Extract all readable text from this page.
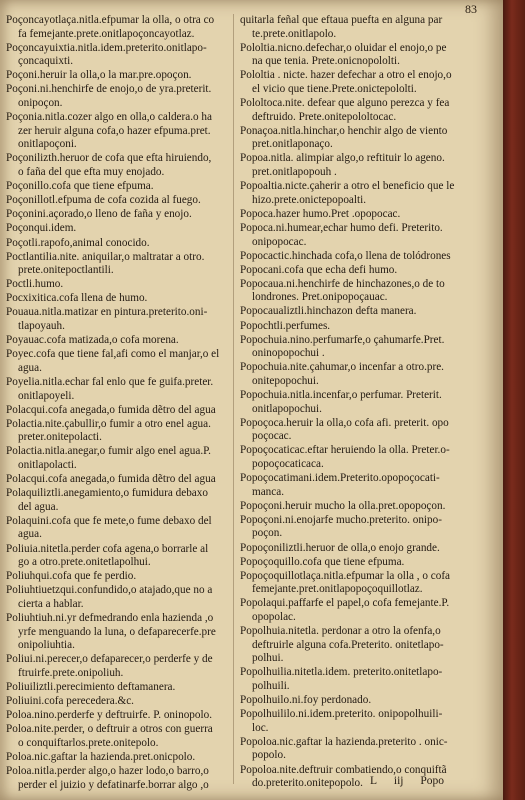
83
Poçoncayotlaça.nitla.efpumar la olla, o otra co
fa femejante.prete.onitlapoçoncayotlaz.
Poçoncayuixtia.nitla.idem.preterito.onitlapo-
çoncaquixti.
Poçoni.heruir la olla,o la mar.pre.opoçon.
Poçoni.ni.henchirfe de enojo,o de yra.preterit.
onipoçon.
Poçonia.nitla.cozer algo en olla,o caldera.o ha
zer heruir alguna cofa,o hazer efpuma.pret.
onitlapoçoni.
Poçonilizth.heruor de cofa que efta hiruiendo,
o faña del que efta muy enojado.
Poçonillo.cofa que tiene efpuma.
Poçonillotl.efpuma de cofa cozida al fuego.
Poçonini.açorado,o lleno de faña y enojo.
Poçonqui.idem.
Poçotli.rapofo,animal conocido.
Poctlantilia.nite. aniquilar,o maltratar a otro.
prete.onitepoctlantili.
Poctli.humo.
Pocxixitica.cofa llena de humo.
Pouaua.nitla.matizar en pintura.preterito.oni-
tlapoyauh.
Poyauac.cofa matizada,o cofa morena.
Poyec.cofa que tiene fal,afi como el manjar,o el
agua.
Poyelia.nitla.echar fal enlo que fe guifa.preter.
onitlapoyeli.
Polacqui.cofa anegada,o fumida dẽtro del agua
Polactia.nite.çabullir,o fumir a otro enel agua.
preter.onitepolacti.
Polactia.nitla.anegar,o fumir algo enel agua.P.
onitlapolacti.
Polacqui.cofa anegada,o fumida dẽtro del agua
Polaquiliztli.anegamiento,o fumidura debaxo
del agua.
Polaquini.cofa que fe mete,o fume debaxo del
agua.
Poliuia.nitetla.perder cofa agena,o borrarle al
go a otro.prete.onitetlapolhui.
Poliuhqui.cofa que fe perdio.
Poliuhtiuetzqui.confundido,o atajado,que no a
cierta a hablar.
Poliuhtiuh.ni.yr defmedrando enla hazienda ,o
yrfe menguando la luna, o defaparecerfe.pre
onipoliuhtia.
Poliui.ni.perecer,o defaparecer,o perderfe y de
ftruirfe.prete.onipoliuh.
Poliuiliztli.perecimiento deftamanera.
Poliuini.cofa perecedera.&c.
Poloa.nino.perderfe y deftruirfe. P. oninopolo.
Poloa.nite.perder, o deftruir a otros con guerra
o conquiftarlos.prete.onitepolo.
Poloa.nic.gaftar la hazienda.pret.onicpolo.
Poloa.nitla.perder algo,o hazer lodo,o barro,o
perder el juizio y defatinarfe.borrar algo ,o
quitarla feñal que eftaua puefta en alguna par
te.prete.onitlapolo.
Pololtia.nicno.defechar,o oluidar el enojo,o pe
na que tenia. Prete.onicnopololti.
Pololtia . nicte. hazer defechar a otro el enojo,o
el vicio que tiene.Prete.onictepololti.
Pololtoca.nite. defear que alguno perezca y fea
deftruido. Prete.onitepololtocac.
Ponaçoa.nitla.hinchar,o henchir algo de viento
pret.onitlaponaço.
Popoa.nitla. alimpiar algo,o reftituir lo ageno.
pret.onitlapopouh .
Popoaltia.nicte.çaherir a otro el beneficio que le
hizo.prete.onictepopoalti.
Popoca.hazer humo.Pret .opopocac.
Popoca.ni.humear,echar humo defi. Preterito.
onipopocac.
Popocactic.hinchada cofa,o llena de tolódrones
Popocani.cofa que echa defi humo.
Popocaua.ni.henchirfe de hinchazones,o de to
londrones. Pret.onipopoçauac.
Popocaualiztli.hinchazon defta manera.
Popochtli.perfumes.
Popochuia.nino.perfumarfe,o çahumarfe.Pret.
oninopopochui .
Popochuia.nite.çahumar,o incenfar a otro.pre.
onitepopochui.
Popochuia.nitla.incenfar,o perfumar. Preterit.
onitlapopochui.
Popoçoca.heruir la olla,o cofa afi. preterit. opo
poçocac.
Popoçocaticac.eftar heruiendo la olla. Preter.o-
popoçocaticaca.
Popoçocatimani.idem.Preterito.opopoçocati-
manca.
Popoçoni.heruir mucho la olla.pret.opopoçon.
Popoçoni.ni.enojarfe mucho.preterito. onipo-
poçon.
Popoçoniliztli.heruor de olla,o enojo grande.
Popoçoquillo.cofa que tiene efpuma.
Popoçoquillotlaça.nitla.efpumar la olla , o cofa
femejante.pret.onitlapopoçoquillotlaz.
Popolaqui.paffarfe el papel,o cofa femejante.P.
opopolac.
Popolhuia.nitetla. perdonar a otro la ofenfa,o
deftruirle alguna cofa.Preterito. onitetlapo-
polhui.
Popolhuilia.nitetla.idem. preterito.onitetlapo-
polhuili.
Popolhuilo.ni.foy perdonado.
Popolhuililo.ni.idem.preterito. onipopolhuili-
loc.
Popoloa.nic.gaftar la hazienda.preterito . onic-
popolo.
Popoloa.nite.deftruir combatiendo,o conquiftã
do.preterito.onitepopolo. L iij Popo
